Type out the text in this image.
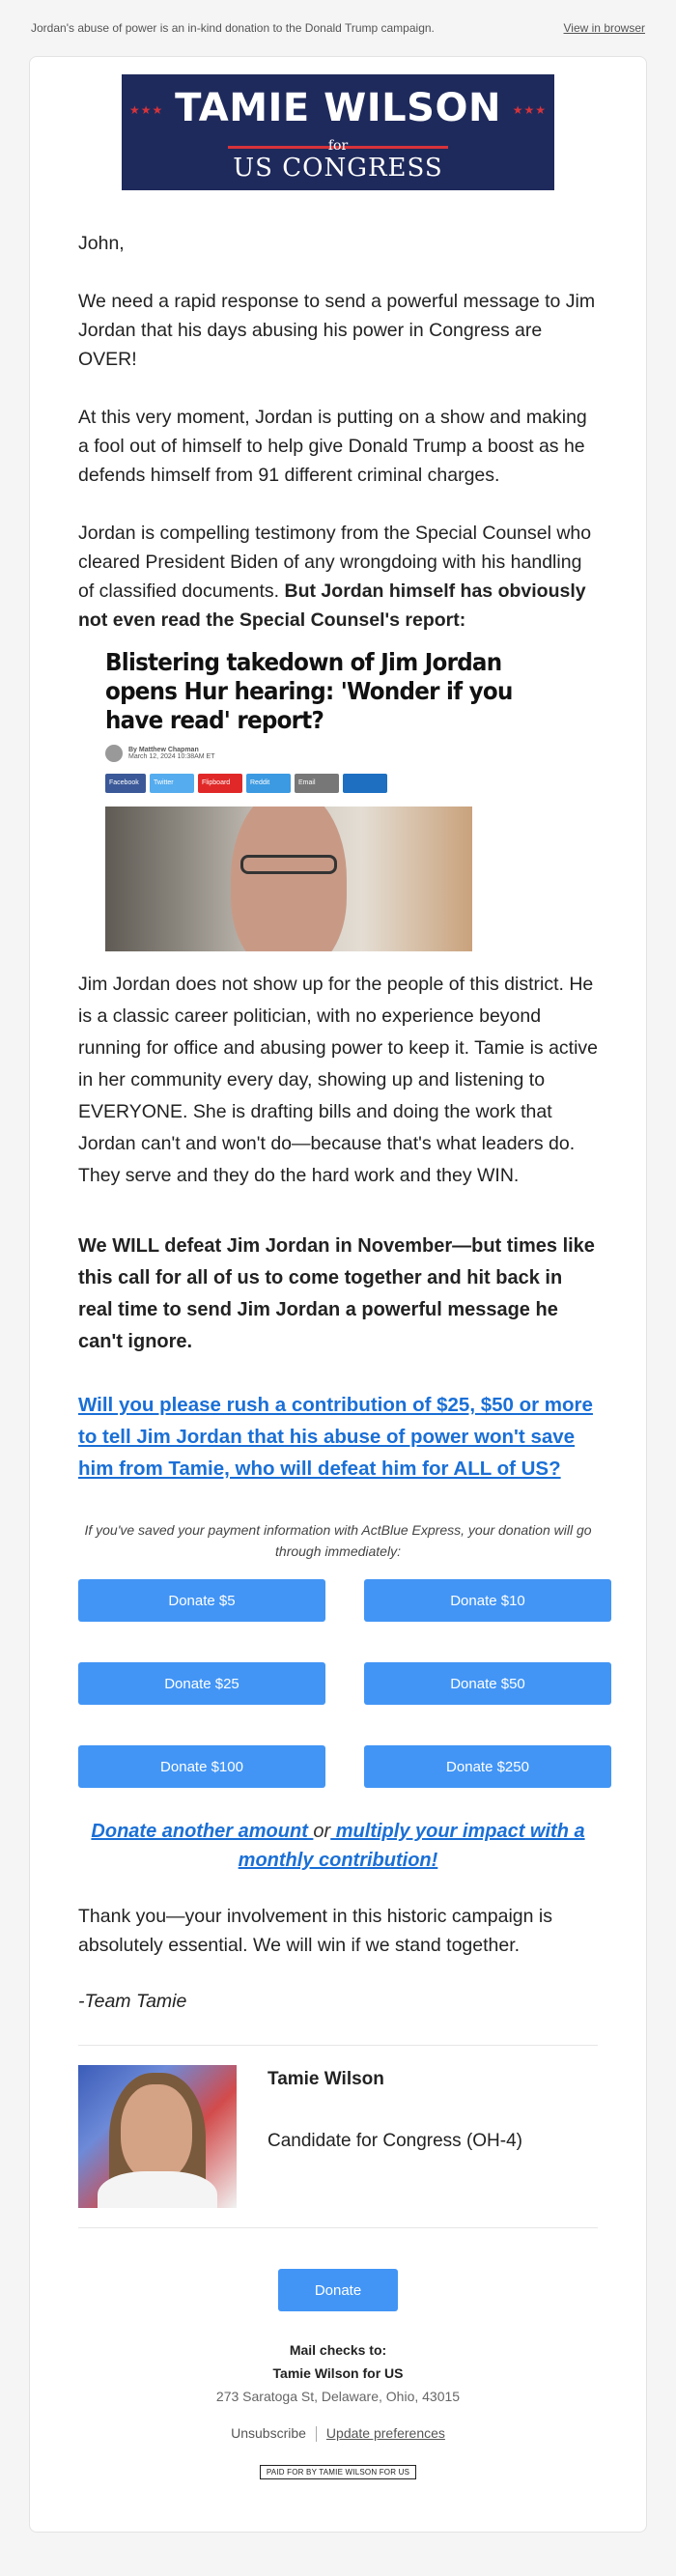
Jordan's abuse of power is an in-kind donation to the Donald Trump campaign.	View in browser
★★★	★★★
TAMIE WILSON
for
US CONGRESS
John,
We need a rapid response to send a powerful message to Jim Jordan that his days abusing his power in Congress are OVER!
At this very moment, Jordan is putting on a show and making a fool out of himself to help give Donald Trump a boost as he defends himself from 91 different criminal charges.
Jordan is compelling testimony from the Special Counsel who cleared President Biden of any wrongdoing with his handling of classified documents. But Jordan himself has obviously not even read the Special Counsel's report:
Blistering takedown of Jim Jordan opens Hur hearing: 'Wonder if you have read' report?
By Matthew Chapman
March 12, 2024 10:38AM ET
Facebook	Twitter	Flipboard	Reddit	Email
Jim Jordan does not show up for the people of this district. He is a classic career politician, with no experience beyond running for office and abusing power to keep it. Tamie is active in her community every day, showing up and listening to EVERYONE. She is drafting bills and doing the work that Jordan can't and won't do—because that's what leaders do. They serve and they do the hard work and they WIN.
We WILL defeat Jim Jordan in November—but times like this call for all of us to come together and hit back in real time to send Jim Jordan a powerful message he can't ignore.
Will you please rush a contribution of $25, $50 or more to tell Jim Jordan that his abuse of power won't save him from Tamie, who will defeat him for ALL of US?
If you've saved your payment information with ActBlue Express, your donation will go through immediately:
Donate $5	Donate $10
Donate $25	Donate $50
Donate $100	Donate $250
Donate another amount or multiply your impact with a monthly contribution!
Thank you—your involvement in this historic campaign is absolutely essential. We will win if we stand together.
-Team Tamie
Tamie Wilson
Candidate for Congress (OH-4)
Donate
Mail checks to:
Tamie Wilson for US
273 Saratoga St, Delaware, Ohio, 43015
Unsubscribe Update preferences
PAID FOR BY TAMIE WILSON FOR US
